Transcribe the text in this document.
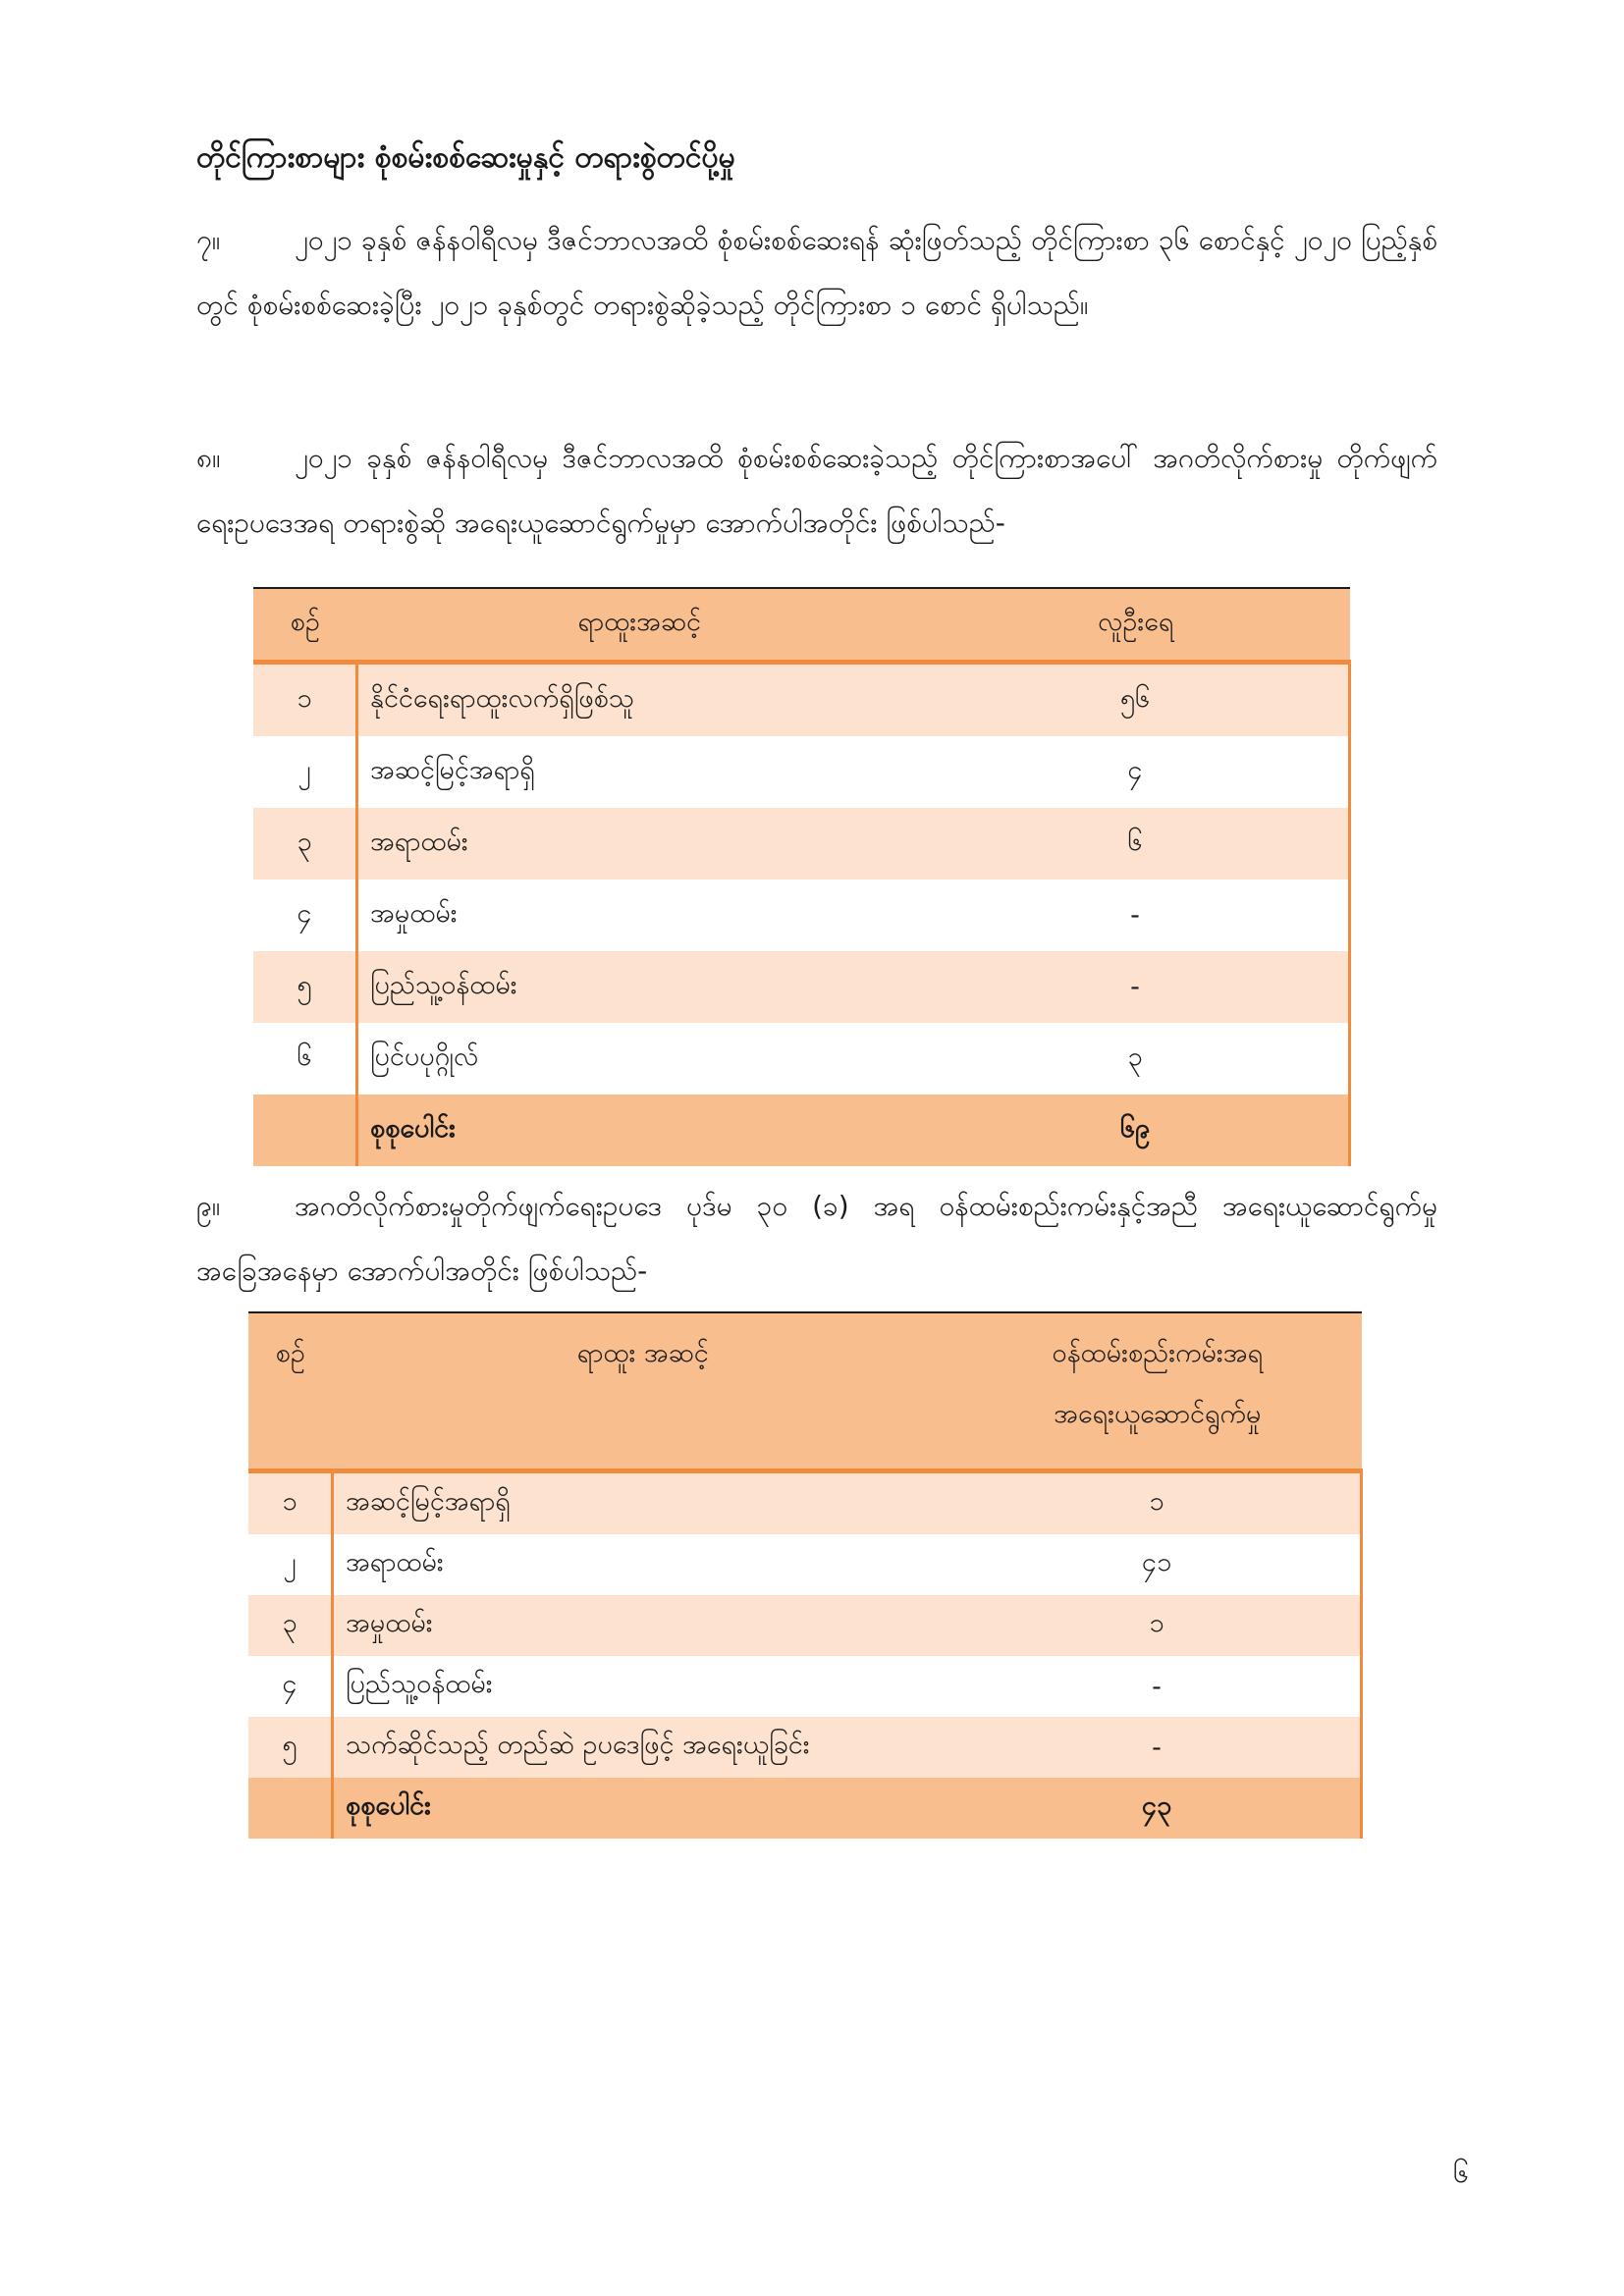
တိုင်ကြားစာများ စုံစမ်းစစ်ဆေးမှုနှင့် တရားစွဲတင်ပို့မှု

၇။	၂၀၂၁ ခုနှစ် ဇန်နဝါရီလမှ ဒီဇင်ဘာလအထိ စုံစမ်းစစ်ဆေးရန် ဆုံးဖြတ်သည့် တိုင်ကြားစာ ၃၆ စောင်နှင့် ၂၀၂၀ ပြည့်နှစ်တွင် စုံစမ်းစစ်ဆေးခဲ့ပြီး ၂၀၂၁ ခုနှစ်တွင် တရားစွဲဆိုခဲ့သည့် တိုင်ကြားစာ ၁ စောင် ရှိပါသည်။

၈။	၂၀၂၁ ခုနှစ် ဇန်နဝါရီလမှ ဒီဇင်ဘာလအထိ စုံစမ်းစစ်ဆေးခဲ့သည့် တိုင်ကြားစာအပေါ် အဂတိလိုက်စားမှု တိုက်ဖျက်ရေးဥပဒေအရ တရားစွဲဆို အရေးယူဆောင်ရွက်မှုမှာ အောက်ပါအတိုင်း ဖြစ်ပါသည်-

စဉ်	ရာထူးအဆင့်	လူဦးရေ
၁	နိုင်ငံရေးရာထူးလက်ရှိဖြစ်သူ	၅၆
၂	အဆင့်မြင့်အရာရှိ	၄
၃	အရာထမ်း	၆
၄	အမှုထမ်း	-
၅	ပြည်သူ့ဝန်ထမ်း	-
၆	ပြင်ပပုဂ္ဂိုလ်	၃
	စုစုပေါင်း	၆၉

၉။	အဂတိလိုက်စားမှုတိုက်ဖျက်ရေးဥပဒေ ပုဒ်မ ၃၀ (ခ) အရ ဝန်ထမ်းစည်းကမ်းနှင့်အညီ အရေးယူဆောင်ရွက်မှု အခြေအနေမှာ အောက်ပါအတိုင်း ဖြစ်ပါသည်-

စဉ်	ရာထူး အဆင့်	ဝန်ထမ်းစည်းကမ်းအရ
အရေးယူဆောင်ရွက်မှု

၁	အဆင့်မြင့်အရာရှိ	၁
၂	အရာထမ်း	၄၁
၃	အမှုထမ်း	၁
၄	ပြည်သူ့ဝန်ထမ်း	-
၅	သက်ဆိုင်သည့် တည်ဆဲ ဥပဒေဖြင့် အရေးယူခြင်း	-
	စုစုပေါင်း	၄၃

၆
